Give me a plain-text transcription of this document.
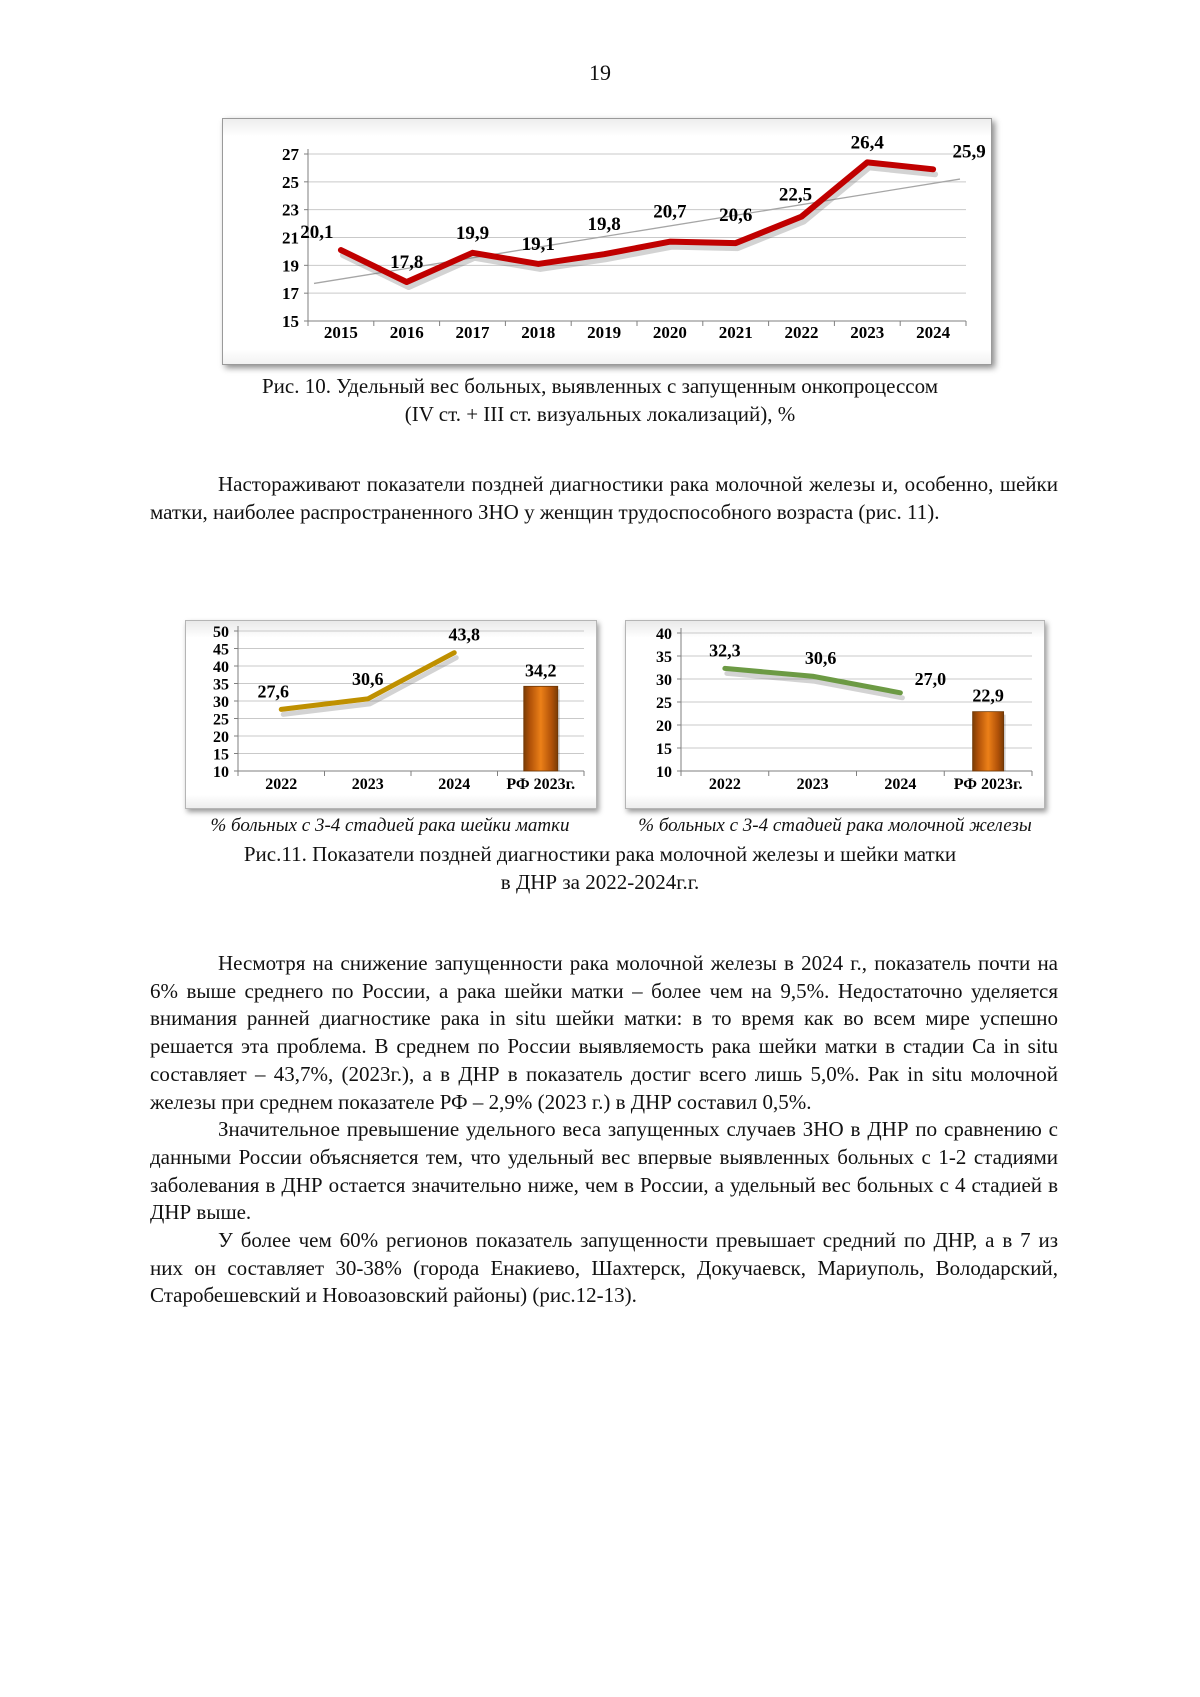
19
15
17
19
21
23
25
27
2015 2016 2017 2018 2019 2020 2021 2022 2023 2024
20,1
17,8
19,9
19,1
19,8
20,7 20,6
22,5
26,4	25,9
Рис. 10. Удельный вес больных, выявленных с запущенным онкопроцессом
(IV ст. + III ст. визуальных локализаций), %

Настораживают показатели поздней диагностики рака молочной железы и, особенно, шейки матки, наиболее распространенного ЗНО у женщин трудоспособного возраста (рис. 11).

10
15
20
25
30
35
40
45
50
2022	2023	2024 РФ 2023г.
34,2
27,6
30,6
43,8
10
15
20
25
30
35
40
2022	2023	2024 РФ 2023г.
22,9
32,3	30,6
27,0
% больных с 3-4 стадией рака шейки матки	% больных с 3-4 стадией рака молочной железы
Рис.11. Показатели поздней диагностики рака молочной железы и шейки матки
в ДНР за 2022-2024г.г.

Несмотря на снижение запущенности рака молочной железы в 2024 г., показатель почти на 6% выше среднего по России, а рака шейки матки – более чем на 9,5%. Недостаточно уделяется внимания ранней диагностике рака in situ шейки матки: в то время как во всем мире успешно решается эта проблема. В среднем по России выявляемость рака шейки матки в стадии Ca in situ составляет – 43,7%, (2023г.), а в ДНР в показатель достиг всего лишь 5,0%. Рак in situ молочной железы при среднем показателе РФ – 2,9% (2023 г.) в ДНР составил 0,5%.

Значительное превышение удельного веса запущенных случаев ЗНО в ДНР по сравнению с данными России объясняется тем, что удельный вес впервые выявленных больных с 1-2 стадиями заболевания в ДНР остается значительно ниже, чем в России, а удельный вес больных с 4 стадией в ДНР выше.

У более чем 60% регионов показатель запущенности превышает средний по ДНР, а в 7 из них он составляет 30-38% (города Енакиево, Шахтерск, Докучаевск, Мариуполь, Володарский, Старобешевский и Новоазовский районы) (рис.12-13).
